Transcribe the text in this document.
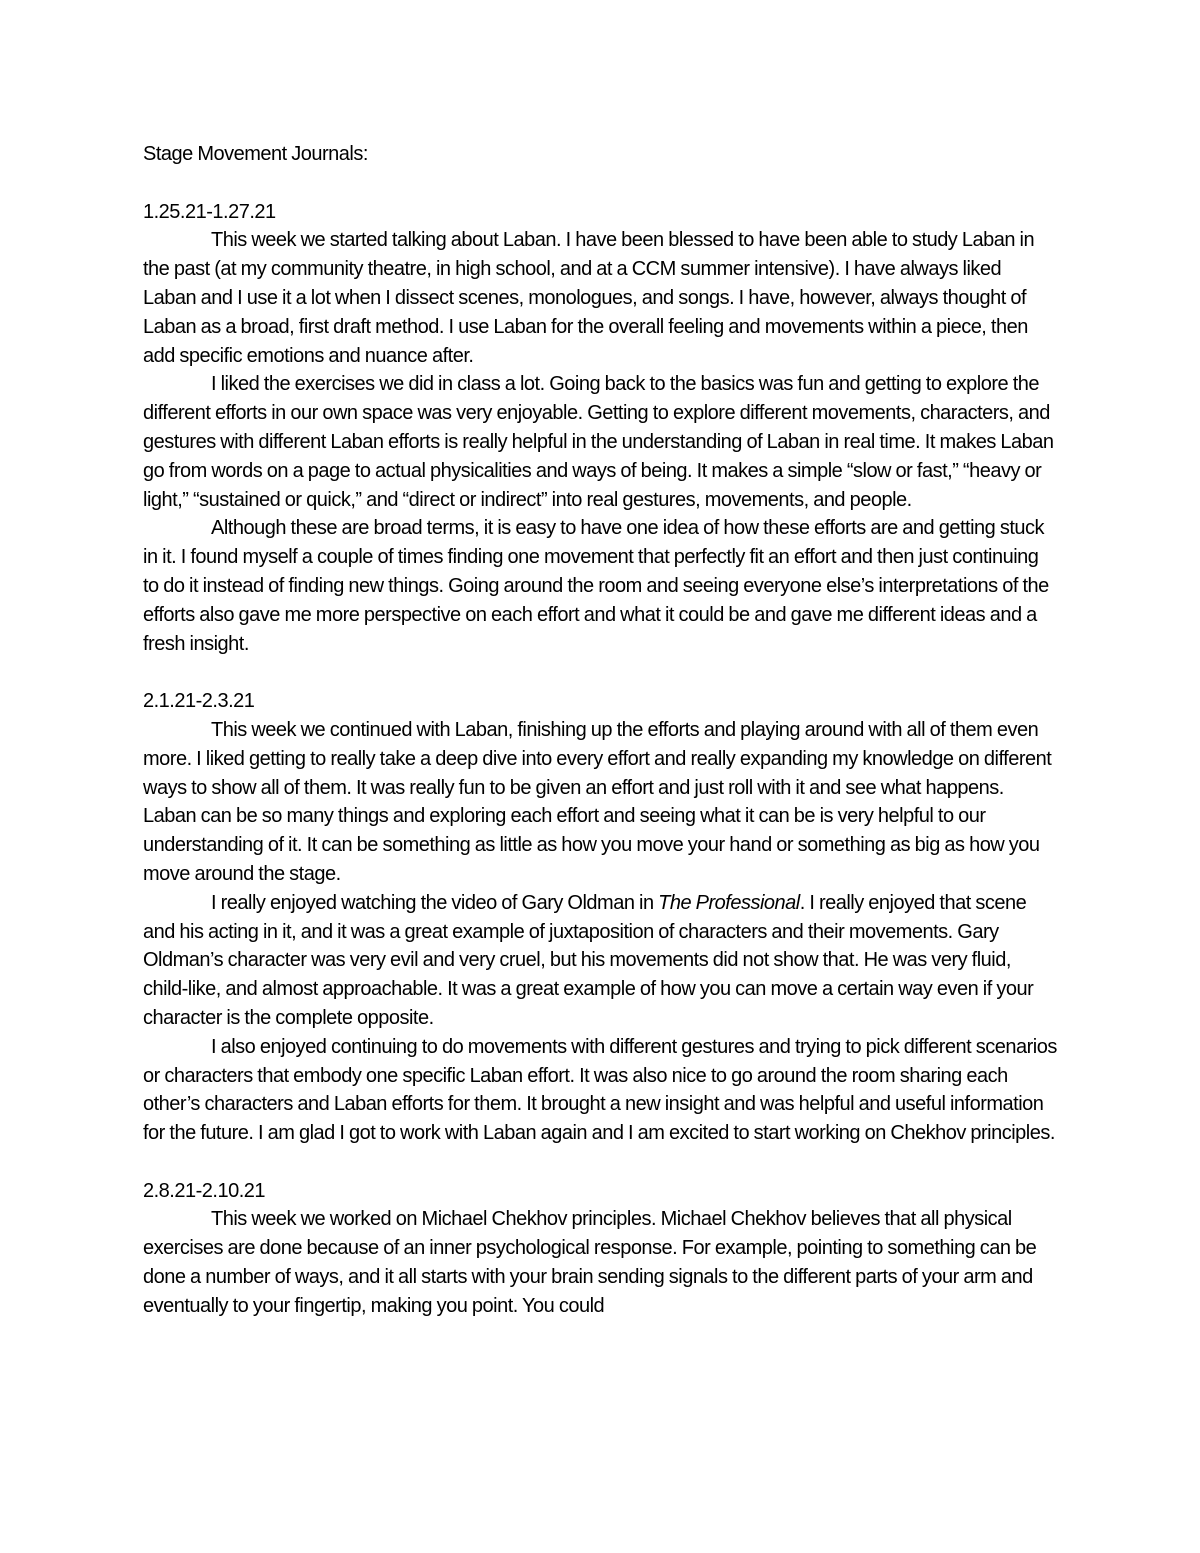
Stage Movement Journals:

1.25.21-1.27.21

This week we started talking about Laban. I have been blessed to have been able to study Laban in the past (at my community theatre, in high school, and at a CCM summer intensive). I have always liked Laban and I use it a lot when I dissect scenes, monologues, and songs. I have, however, always thought of Laban as a broad, first draft method. I use Laban for the overall feeling and movements within a piece, then add specific emotions and nuance after.

I liked the exercises we did in class a lot. Going back to the basics was fun and getting to explore the different efforts in our own space was very enjoyable. Getting to explore different movements, characters, and gestures with different Laban efforts is really helpful in the understanding of Laban in real time. It makes Laban go from words on a page to actual physicalities and ways of being. It makes a simple “slow or fast,” “heavy or light,” “sustained or quick,” and “direct or indirect” into real gestures, movements, and people.

Although these are broad terms, it is easy to have one idea of how these efforts are and getting stuck in it. I found myself a couple of times finding one movement that perfectly fit an effort and then just continuing to do it instead of finding new things. Going around the room and seeing everyone else’s interpretations of the efforts also gave me more perspective on each effort and what it could be and gave me different ideas and a fresh insight.

2.1.21-2.3.21

This week we continued with Laban, finishing up the efforts and playing around with all of them even more. I liked getting to really take a deep dive into every effort and really expanding my knowledge on different ways to show all of them. It was really fun to be given an effort and just roll with it and see what happens. Laban can be so many things and exploring each effort and seeing what it can be is very helpful to our understanding of it. It can be something as little as how you move your hand or something as big as how you move around the stage.

I really enjoyed watching the video of Gary Oldman in The Professional. I really enjoyed that scene and his acting in it, and it was a great example of juxtaposition of characters and their movements. Gary Oldman’s character was very evil and very cruel, but his movements did not show that. He was very fluid, child-like, and almost approachable. It was a great example of how you can move a certain way even if your character is the complete opposite.

I also enjoyed continuing to do movements with different gestures and trying to pick different scenarios or characters that embody one specific Laban effort. It was also nice to go around the room sharing each other’s characters and Laban efforts for them. It brought a new insight and was helpful and useful information for the future. I am glad I got to work with Laban again and I am excited to start working on Chekhov principles.

2.8.21-2.10.21

This week we worked on Michael Chekhov principles. Michael Chekhov believes that all physical exercises are done because of an inner psychological response. For example, pointing to something can be done a number of ways, and it all starts with your brain sending signals to the different parts of your arm and eventually to your fingertip, making you point. You could
